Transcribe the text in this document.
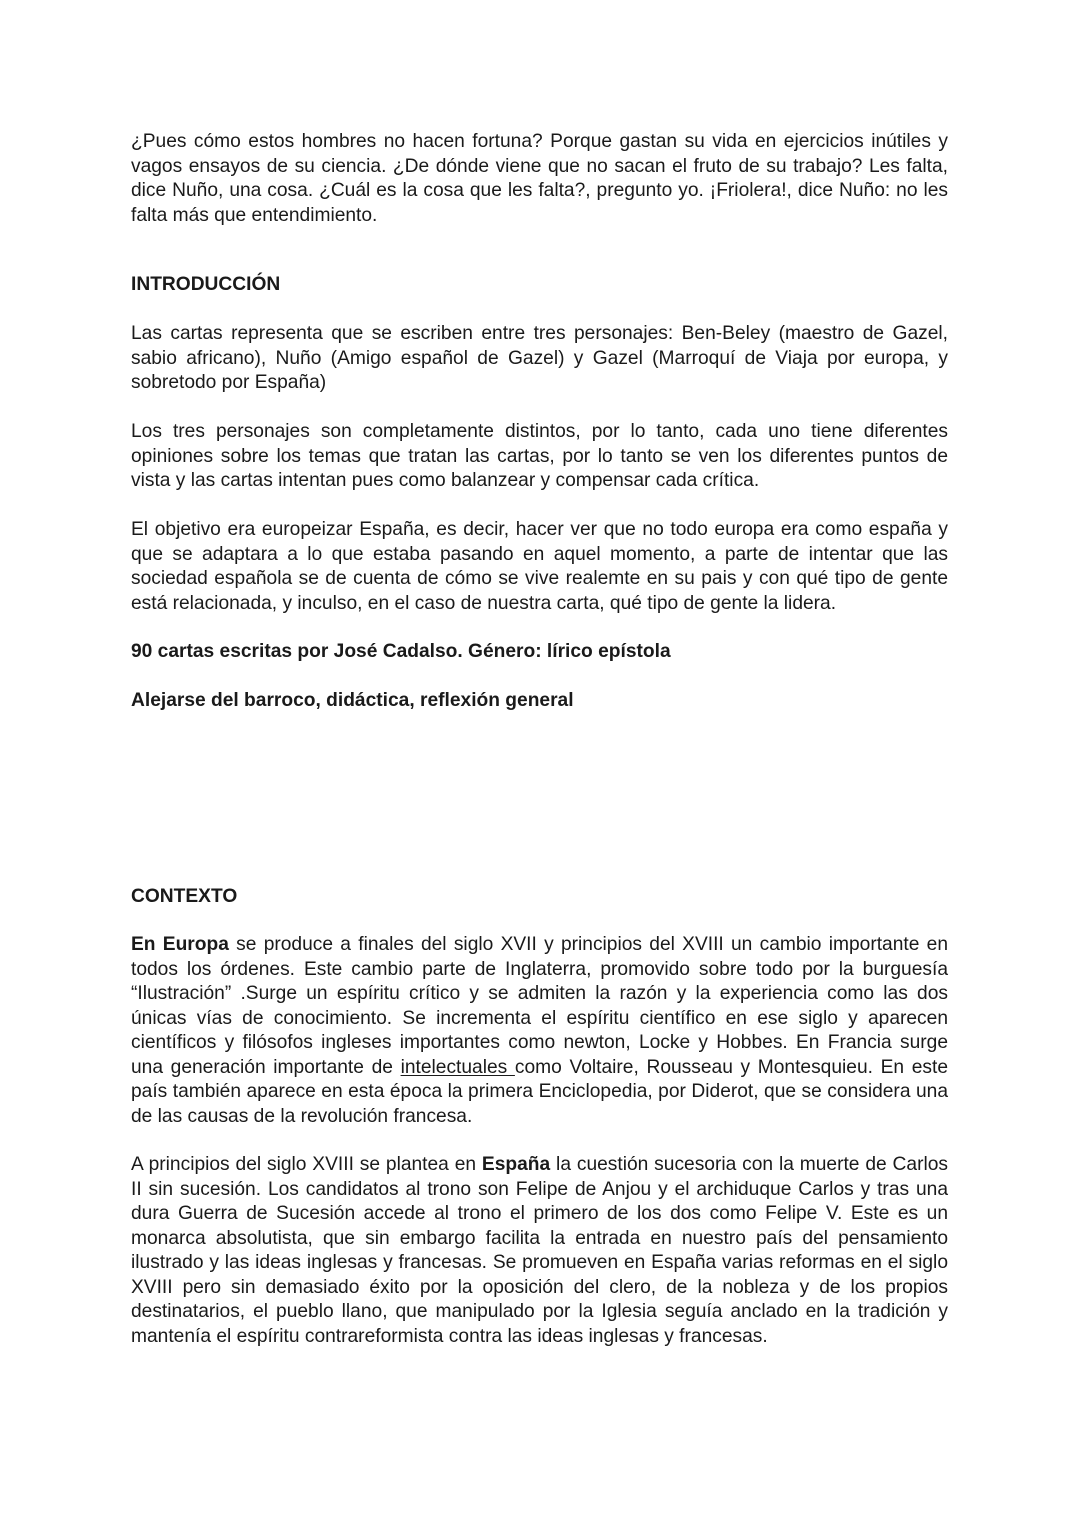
¿Pues cómo estos hombres no hacen fortuna? Porque gastan su vida en ejercicios inútiles y vagos ensayos de su ciencia. ¿De dónde viene que no sacan el fruto de su trabajo? Les falta, dice Nuño, una cosa. ¿Cuál es la cosa que les falta?, pregunto yo. ¡Friolera!, dice Nuño: no les falta más que entendimiento.

INTRODUCCIÓN

Las cartas representa que se escriben entre tres personajes: Ben-Beley (maestro de Gazel, sabio africano), Nuño (Amigo español de Gazel) y Gazel (Marroquí de Viaja por europa, y sobretodo por España)

Los tres personajes son completamente distintos, por lo tanto, cada uno tiene diferentes opiniones sobre los temas que tratan las cartas, por lo tanto se ven los diferentes puntos de vista y las cartas intentan pues como balanzear y compensar cada crítica.

El objetivo era europeizar España, es decir, hacer ver que no todo europa era como españa y que se adaptara a lo que estaba pasando en aquel momento, a parte de intentar que las sociedad española se de cuenta de cómo se vive realemte en su pais y con qué tipo de gente está relacionada, y inculso, en el caso de nuestra carta, qué tipo de gente la lidera.

90 cartas escritas por José Cadalso. Género: lírico epístola

Alejarse del barroco, didáctica, reflexión general

CONTEXTO

En Europa se produce a finales del siglo XVII y principios del XVIII un cambio importante en todos los órdenes. Este cambio parte de Inglaterra, promovido sobre todo por la burguesía “Ilustración” .Surge un espíritu crítico y se admiten la razón y la experiencia como las dos únicas vías de conocimiento. Se incrementa el espíritu científico en ese siglo y aparecen científicos y filósofos ingleses importantes como newton, Locke y Hobbes. En Francia surge una generación importante de intelectuales como Voltaire, Rousseau y Montesquieu. En este país también aparece en esta época la primera Enciclopedia, por Diderot, que se considera una de las causas de la revolución francesa.

A principios del siglo XVIII se plantea en España la cuestión sucesoria con la muerte de Carlos II sin sucesión. Los candidatos al trono son Felipe de Anjou y el archiduque Carlos y tras una dura Guerra de Sucesión accede al trono el primero de los dos como Felipe V. Este es un monarca absolutista, que sin embargo facilita la entrada en nuestro país del pensamiento ilustrado y las ideas inglesas y francesas. Se promueven en España varias reformas en el siglo XVIII pero sin demasiado éxito por la oposición del clero, de la nobleza y de los propios destinatarios, el pueblo llano, que manipulado por la Iglesia seguía anclado en la tradición y mantenía el espíritu contrareformista contra las ideas inglesas y francesas.
